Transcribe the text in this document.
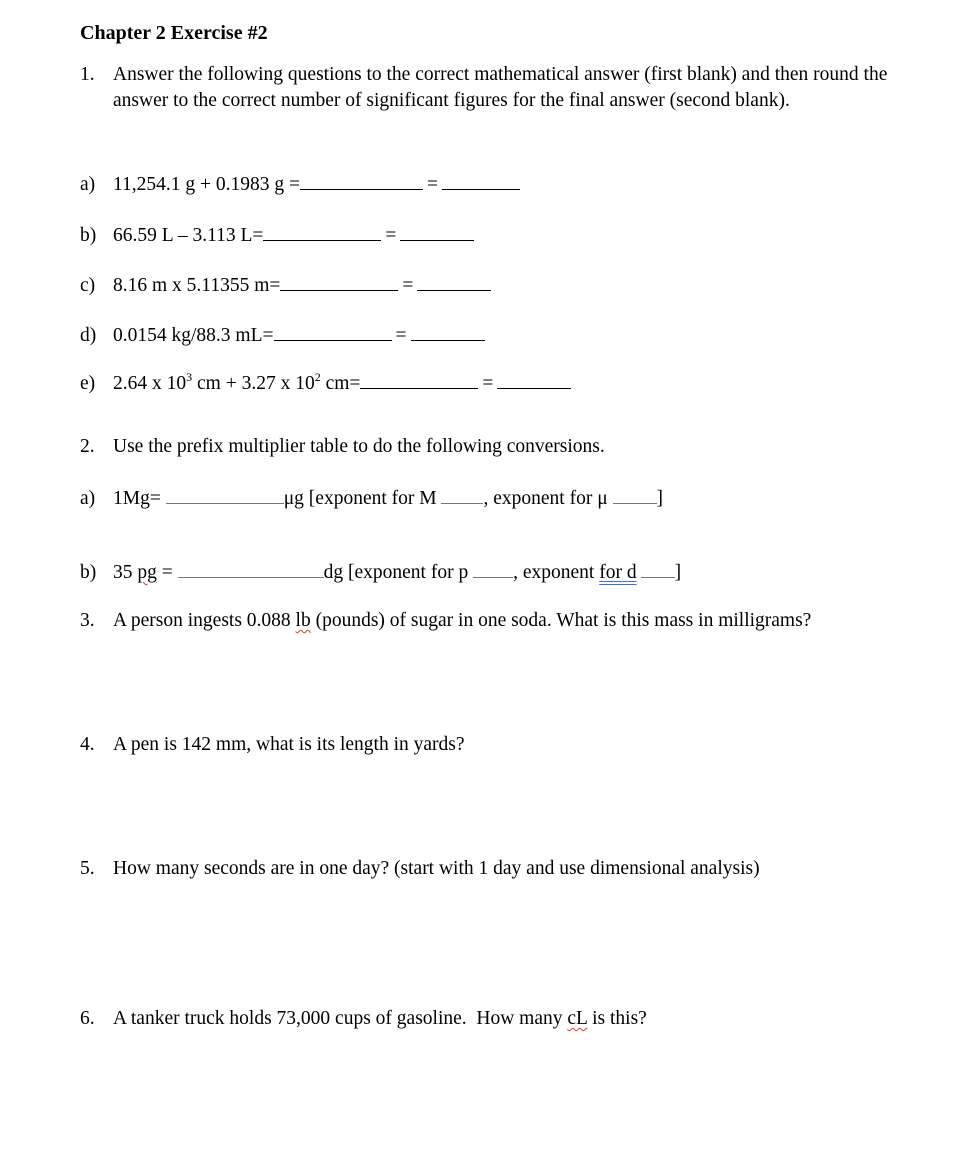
Chapter 2 Exercise #2
1. Answer the following questions to the correct mathematical answer (first blank) and then round the answer to the correct number of significant figures for the final answer (second blank).
a) 11,254.1 g + 0.1983 g =	=
b) 66.59 L – 3.113 L=	=
c) 8.16 m x 5.11355 m=	=
d) 0.0154 kg/88.3 mL=	=
e) 2.64 x $10^3$ cm + 3.27 x $10^2$ cm=	=
2. Use the prefix multiplier table to do the following conversions.
a) 1Mg=	μg [exponent for M , exponent for μ	]
b) 35 pg =	dg [exponent for p , exponent for d ]
3. A person ingests 0.088 lb (pounds) of sugar in one soda. What is this mass in milligrams?
4. A pen is 142 mm, what is its length in yards?
5. How many seconds are in one day? (start with 1 day and use dimensional analysis)
6. A tanker truck holds 73,000 cups of gasoline.  How many cL is this?
